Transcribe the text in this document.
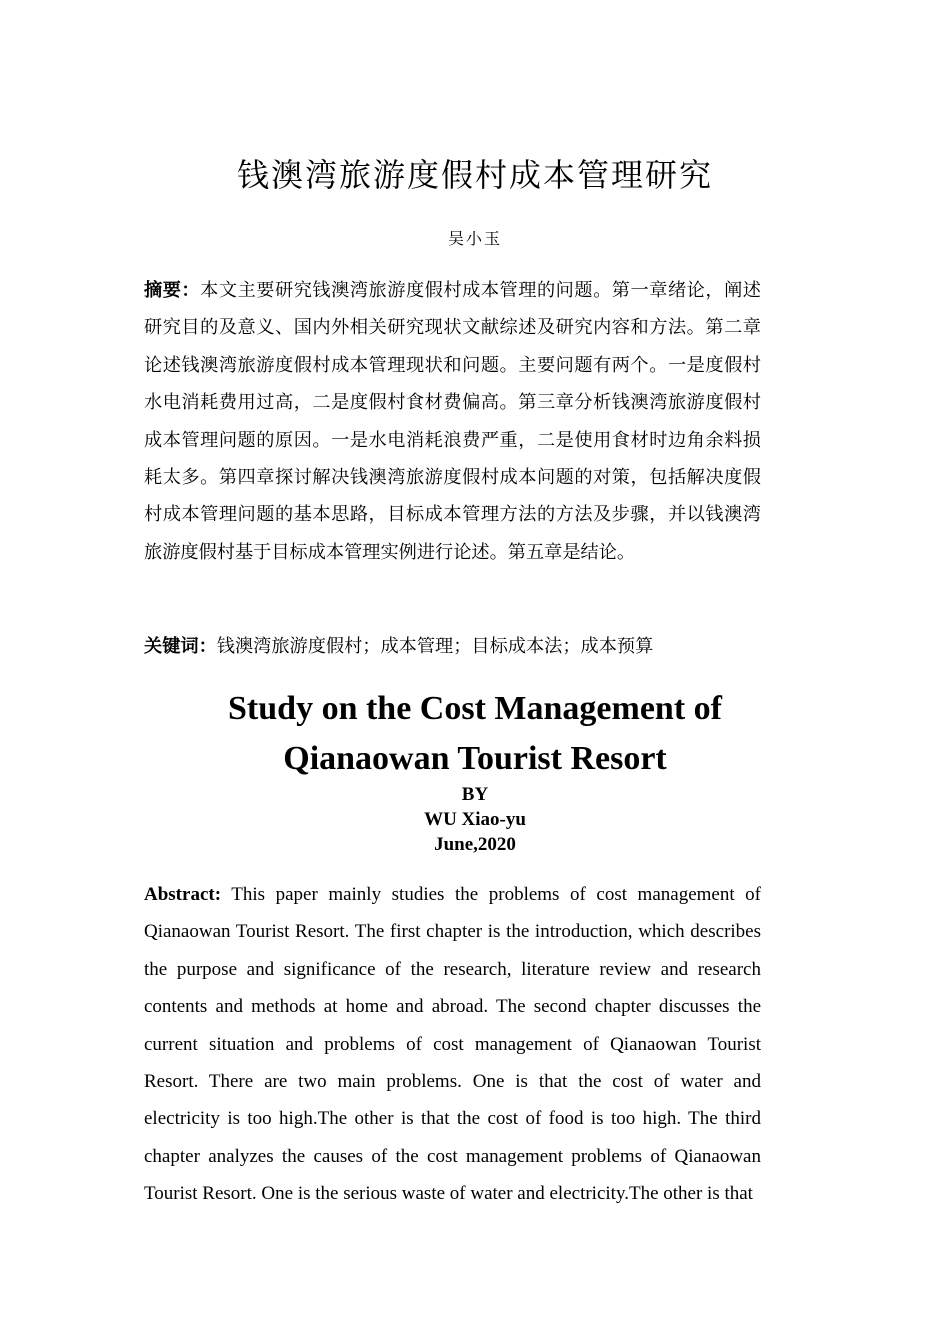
钱澳湾旅游度假村成本管理研究
吴小玉
摘要：本文主要研究钱澳湾旅游度假村成本管理的问题。第一章绪论，阐述研究目的及意义、国内外相关研究现状文献综述及研究内容和方法。第二章论述钱澳湾旅游度假村成本管理现状和问题。主要问题有两个。一是度假村水电消耗费用过高，二是度假村食材费偏高。第三章分析钱澳湾旅游度假村成本管理问题的原因。一是水电消耗浪费严重，二是使用食材时边角余料损耗太多。第四章探讨解决钱澳湾旅游度假村成本问题的对策，包括解决度假村成本管理问题的基本思路，目标成本管理方法的方法及步骤，并以钱澳湾旅游度假村基于目标成本管理实例进行论述。第五章是结论。
关键词：钱澳湾旅游度假村；成本管理；目标成本法；成本预算
Study on the Cost Management of
Qianaowan Tourist Resort
BY
WU Xiao-yu
June,2020
Abstract: This paper mainly studies the problems of cost management of Qianaowan Tourist Resort. The first chapter is the introduction, which describes the purpose and significance of the research, literature review and research contents and methods at home and abroad. The second chapter discusses the current situation and problems of cost management of Qianaowan Tourist Resort. There are two main problems. One is that the cost of water and electricity is too high.The other is that the cost of food is too high. The third chapter analyzes the causes of the cost management problems of Qianaowan Tourist Resort. One is the serious waste of water and electricity.The other is that
